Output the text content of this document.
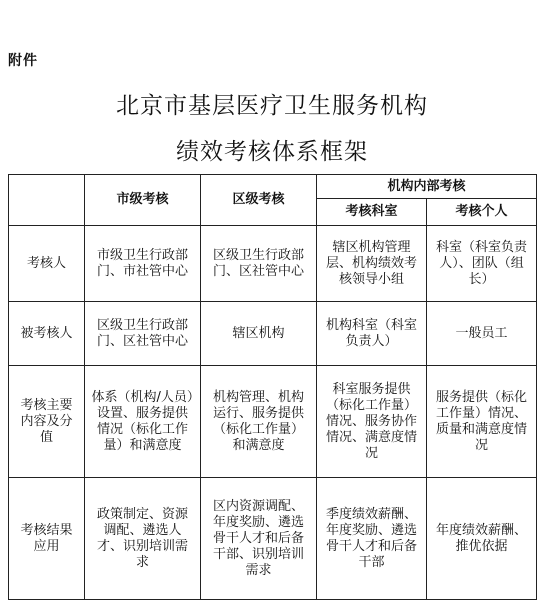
附件
北京市基层医疗卫生服务机构
绩效考核体系框架
	市级考核	区级考核	机构内部考核	
			考核科室	考核个人
考核人	市级卫生行政部门、市社管中心	区级卫生行政部门、区社管中心	辖区机构管理层、机构绩效考核领导小组	科室（科室负责人）、团队（组长）
被考核人	区级卫生行政部门、区社管中心	辖区机构	机构科室（科室负责人）	一般员工
考核主要内容及分值	体系（机构/人员）设置、服务提供情况（标化工作量）和满意度	机构管理、机构运行、服务提供（标化工作量）和满意度	科室服务提供（标化工作量）情况、服务协作情况、满意度情况	服务提供（标化工作量）情况、质量和满意度情况
考核结果应用	政策制定、资源调配、遴选人才、识别培训需求	区内资源调配、年度奖励、遴选骨干人才和后备干部、识别培训需求	季度绩效薪酬、年度奖励、遴选骨干人才和后备干部	年度绩效薪酬、推优依据
